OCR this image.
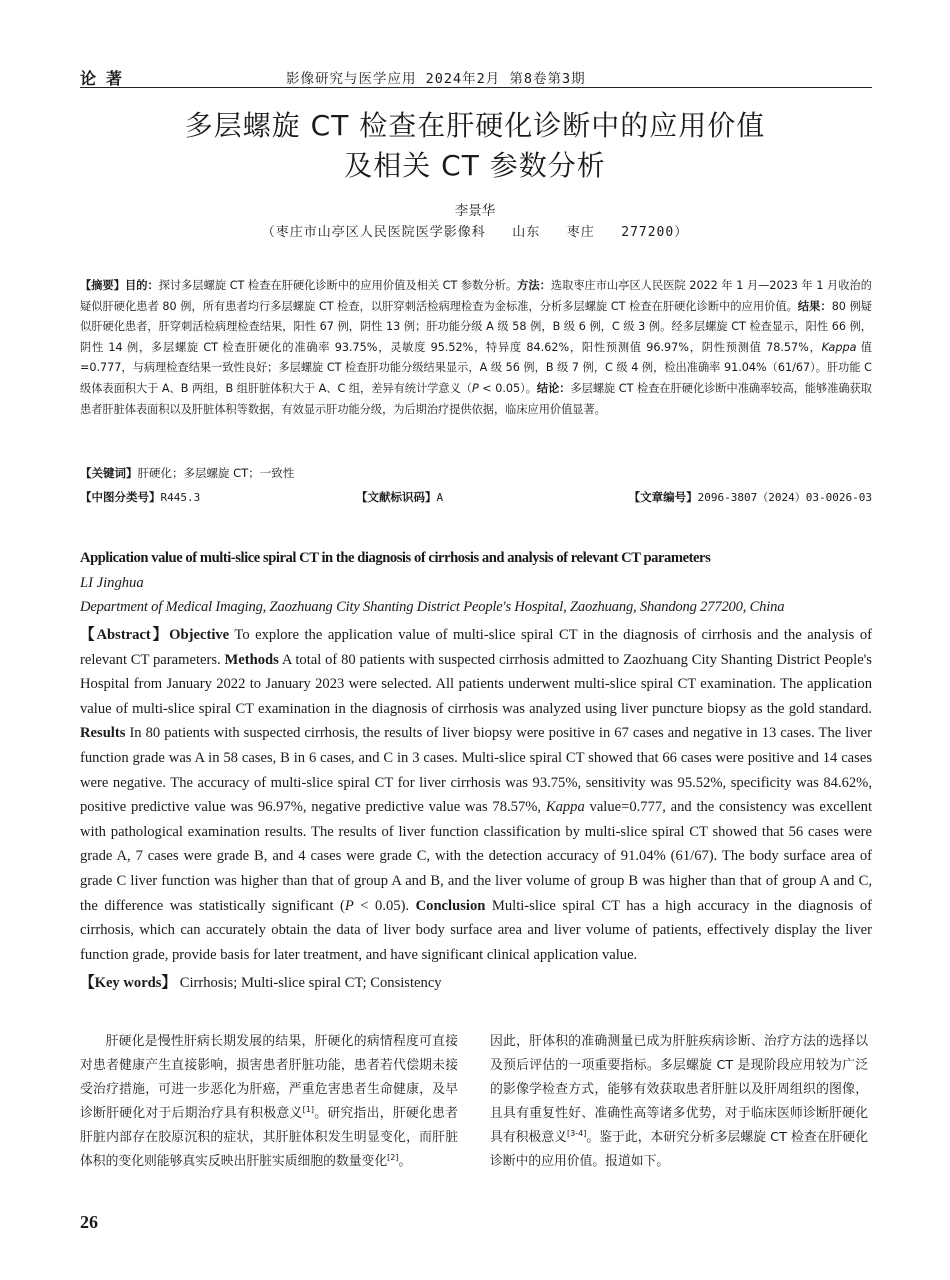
论著	影像研究与医学应用 2024年2月 第8卷第3期
多层螺旋 CT 检查在肝硬化诊断中的应用价值
及相关 CT 参数分析
李景华
（枣庄市山亭区人民医院医学影像科   山东   枣庄   277200）
【摘要】目的：探讨多层螺旋 CT 检查在肝硬化诊断中的应用价值及相关 CT 参数分析。方法：选取枣庄市山亭区人民医院 2022 年 1 月—2023 年 1 月收治的疑似肝硬化患者 80 例，所有患者均行多层螺旋 CT 检查，以肝穿刺活检病理检查为金标准，分析多层螺旋 CT 检查在肝硬化诊断中的应用价值。结果：80 例疑似肝硬化患者，肝穿刺活检病理检查结果，阳性 67 例，阴性 13 例；肝功能分级 A 级 58 例，B 级 6 例，C 级 3 例。经多层螺旋 CT 检查显示，阳性 66 例，阴性 14 例，多层螺旋 CT 检查肝硬化的准确率 93.75%，灵敏度 95.52%，特异度 84.62%，阳性预测值 96.97%，阴性预测值 78.57%，Kappa 值 =0.777，与病理检查结果一致性良好；多层螺旋 CT 检查肝功能分级结果显示，A 级 56 例，B 级 7 例，C 级 4 例，检出准确率 91.04%（61/67）。肝功能 C 级体表面积大于 A、B 两组，B 组肝脏体积大于 A、C 组，差异有统计学意义（P < 0.05）。结论：多层螺旋 CT 检查在肝硬化诊断中准确率较高，能够准确获取患者肝脏体表面积以及肝脏体积等数据，有效显示肝功能分级，为后期治疗提供依据，临床应用价值显著。
【关键词】肝硬化；多层螺旋 CT；一致性
【中图分类号】R445.3	【文献标识码】A	【文章编号】2096-3807（2024）03-0026-03
Application value of multi-slice spiral CT in the diagnosis of cirrhosis and analysis of relevant CT parameters
LI Jinghua
Department of Medical Imaging, Zaozhuang City Shanting District People's Hospital, Zaozhuang, Shandong 277200, China
【Abstract】Objective To explore the application value of multi-slice spiral CT in the diagnosis of cirrhosis and the analysis of relevant CT parameters. Methods A total of 80 patients with suspected cirrhosis admitted to Zaozhuang City Shanting District People's Hospital from January 2022 to January 2023 were selected. All patients underwent multi-slice spiral CT examination. The application value of multi-slice spiral CT examination in the diagnosis of cirrhosis was analyzed using liver puncture biopsy as the gold standard. Results In 80 patients with suspected cirrhosis, the results of liver biopsy were positive in 67 cases and negative in 13 cases. The liver function grade was A in 58 cases, B in 6 cases, and C in 3 cases. Multi-slice spiral CT showed that 66 cases were positive and 14 cases were negative. The accuracy of multi-slice spiral CT for liver cirrhosis was 93.75%, sensitivity was 95.52%, specificity was 84.62%, positive predictive value was 96.97%, negative predictive value was 78.57%, Kappa value=0.777, and the consistency was excellent with pathological examination results. The results of liver function classification by multi-slice spiral CT showed that 56 cases were grade A, 7 cases were grade B, and 4 cases were grade C, with the detection accuracy of 91.04% (61/67). The body surface area of grade C liver function was higher than that of group A and B, and the liver volume of group B was higher than that of group A and C, the difference was statistically significant (P < 0.05). Conclusion Multi-slice spiral CT has a high accuracy in the diagnosis of cirrhosis, which can accurately obtain the data of liver body surface area and liver volume of patients, effectively display the liver function grade, provide basis for later treatment, and have significant clinical application value.
【Key words】 Cirrhosis; Multi-slice spiral CT; Consistency
肝硬化是慢性肝病长期发展的结果，肝硬化的病情程度可直接对患者健康产生直接影响，损害患者肝脏功能，患者若代偿期未接受治疗措施，可进一步恶化为肝癌，严重危害患者生命健康，及早诊断肝硬化对于后期治疗具有积极意义[1]。研究指出，肝硬化患者肝脏内部存在胶原沉积的症状，其肝脏体积发生明显变化，而肝脏体积的变化则能够真实反映出肝脏实质细胞的数量变化[2]。
因此，肝体积的准确测量已成为肝脏疾病诊断、治疗方法的选择以及预后评估的一项重要指标。多层螺旋 CT 是现阶段应用较为广泛的影像学检查方式，能够有效获取患者肝脏以及肝周组织的图像，且具有重复性好、准确性高等诸多优势，对于临床医师诊断肝硬化具有积极意义[3-4]。鉴于此，本研究分析多层螺旋 CT 检查在肝硬化诊断中的应用价值。报道如下。
26
